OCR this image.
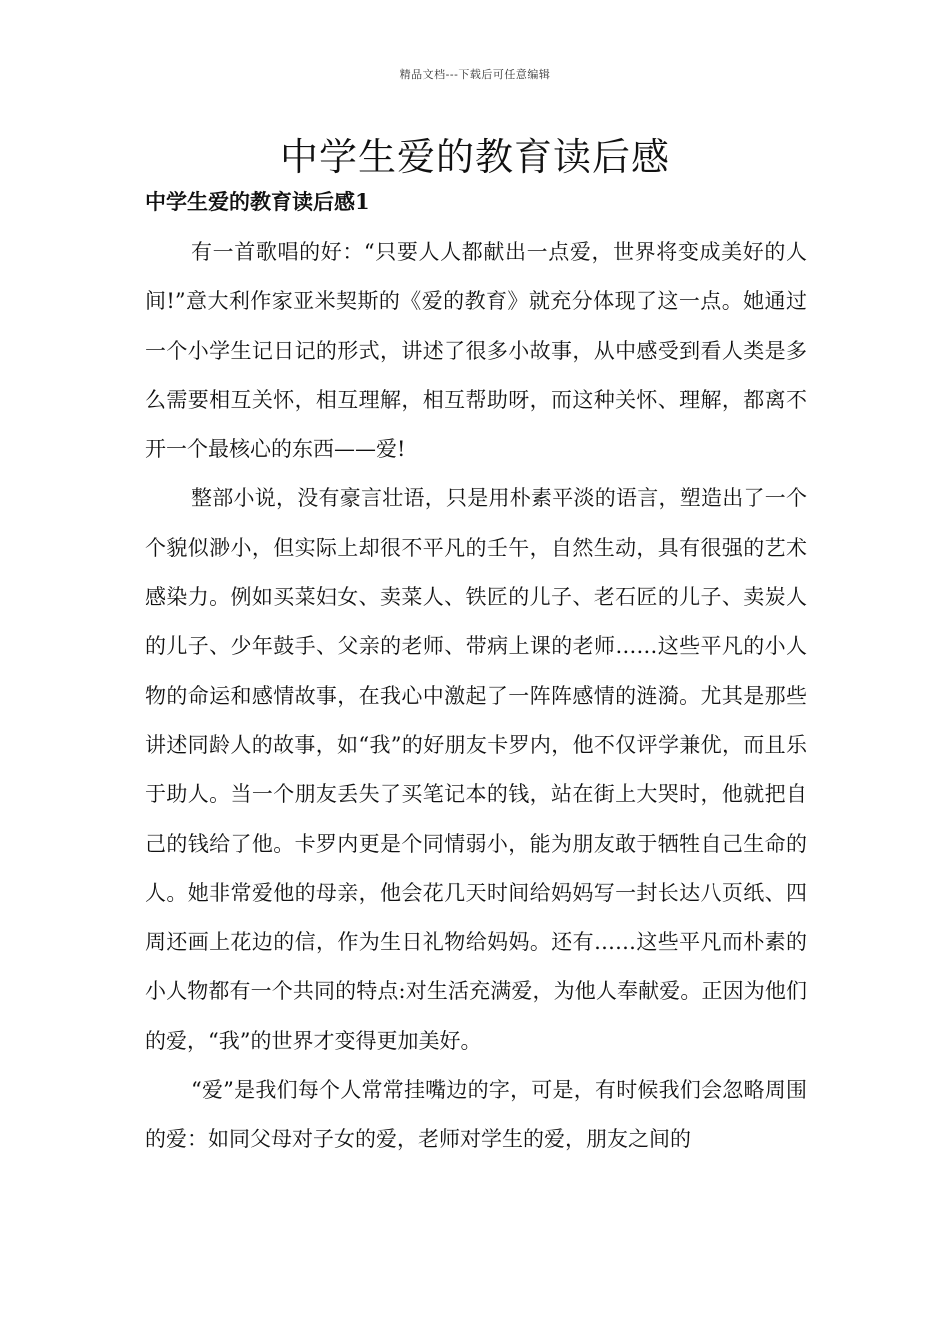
精品文档---下载后可任意编辑
中学生爱的教育读后感
中学生爱的教育读后感1

有一首歌唱的好：“只要人人都献出一点爱，世界将变成美好的人间!”意大利作家亚米契斯的《爱的教育》就充分体现了这一点。她通过一个小学生记日记的形式，讲述了很多小故事，从中感受到看人类是多么需要相互关怀，相互理解，相互帮助呀，而这种关怀、理解，都离不开一个最核心的东西——爱!

整部小说，没有豪言壮语，只是用朴素平淡的语言，塑造出了一个个貌似渺小，但实际上却很不平凡的壬午，自然生动，具有很强的艺术感染力。例如买菜妇女、卖菜人、铁匠的儿子、老石匠的儿子、卖炭人的儿子、少年鼓手、父亲的老师、带病上课的老师……这些平凡的小人物的命运和感情故事，在我心中激起了一阵阵感情的涟漪。尤其是那些讲述同龄人的故事，如“我”的好朋友卡罗内，他不仅评学兼优，而且乐于助人。当一个朋友丢失了买笔记本的钱，站在街上大哭时，他就把自己的钱给了他。卡罗内更是个同情弱小，能为朋友敢于牺牲自己生命的人。她非常爱他的母亲，他会花几天时间给妈妈写一封长达八页纸、四周还画上花边的信，作为生日礼物给妈妈。还有……这些平凡而朴素的小人物都有一个共同的特点:对生活充满爱，为他人奉献爱。正因为他们的爱，“我”的世界才变得更加美好。

“爱”是我们每个人常常挂嘴边的字，可是，有时候我们会忽略周围的爱：如同父母对子女的爱，老师对学生的爱，朋友之间的
